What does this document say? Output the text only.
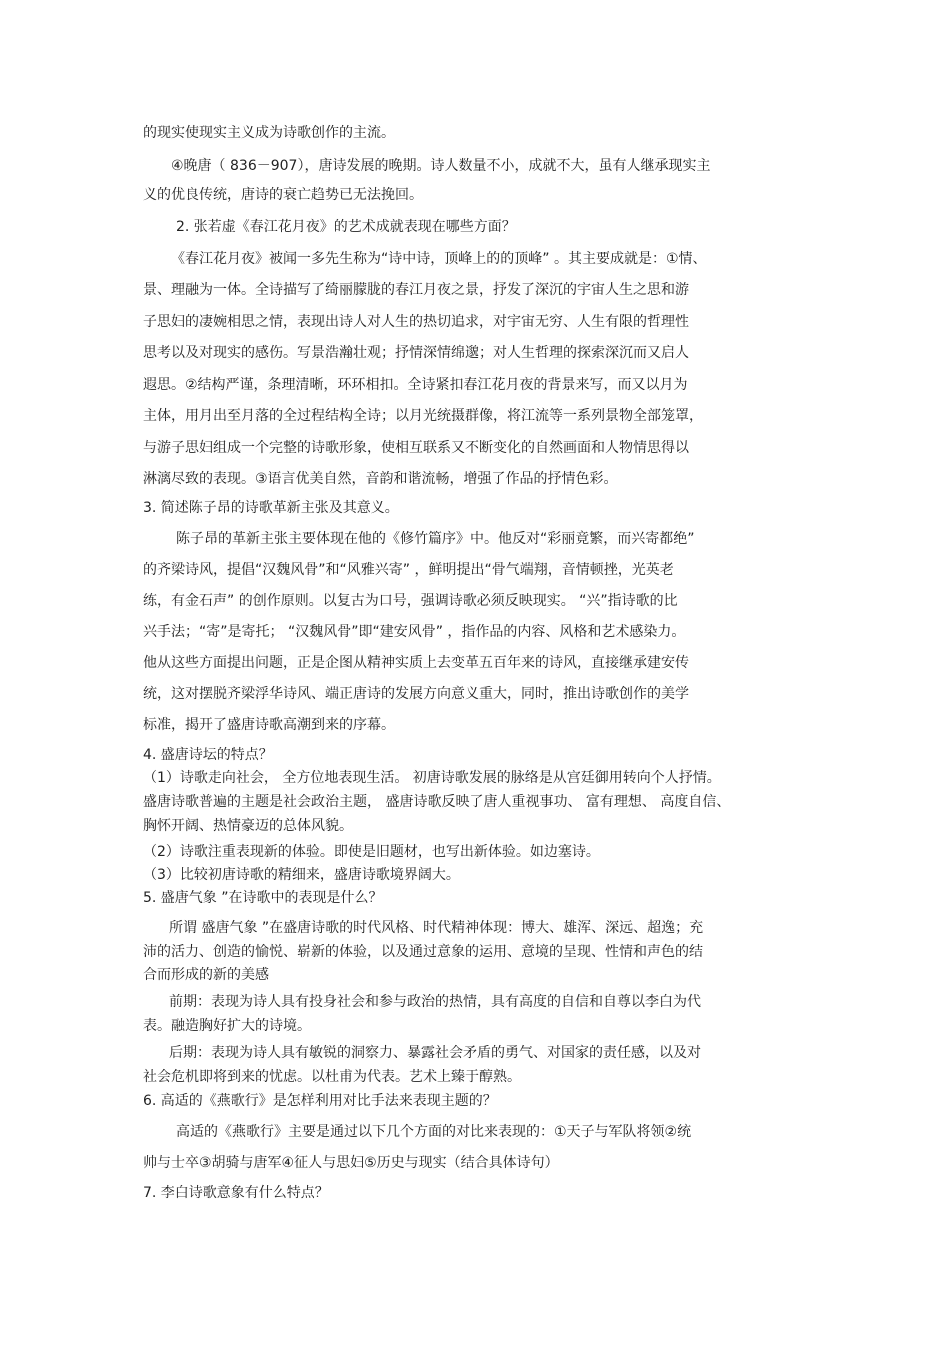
的现实使现实主义成为诗歌创作的主流。
④晚唐（ 836－907），唐诗发展的晚期。诗人数量不小，成就不大，虽有人继承现实主
义的优良传统，唐诗的衰亡趋势已无法挽回。
2. 张若虚《春江花月夜》的艺术成就表现在哪些方面？
《春江花月夜》被闻一多先生称为“诗中诗，顶峰上的的顶峰” 。其主要成就是：①情、
景、理融为一体。全诗描写了绮丽朦胧的春江月夜之景，抒发了深沉的宇宙人生之思和游
子思妇的凄婉相思之情，表现出诗人对人生的热切追求，对宇宙无穷、人生有限的哲理性
思考以及对现实的感伤。写景浩瀚壮观；抒情深情绵邈；对人生哲理的探索深沉而又启人
遐思。②结构严谨，条理清晰，环环相扣。全诗紧扣春江花月夜的背景来写，而又以月为
主体，用月出至月落的全过程结构全诗；以月光统摄群像，将江流等一系列景物全部笼罩，
与游子思妇组成一个完整的诗歌形象，使相互联系又不断变化的自然画面和人物情思得以
淋漓尽致的表现。③语言优美自然，音韵和谐流畅，增强了作品的抒情色彩。
3. 简述陈子昂的诗歌革新主张及其意义。
陈子昂的革新主张主要体现在他的《修竹篇序》中。他反对“彩丽竟繁，而兴寄都绝”
的齐梁诗风，提倡“汉魏风骨”和“风雅兴寄” ，鲜明提出“骨气端翔，音情顿挫，光英老
练，有金石声” 的创作原则。以复古为口号，强调诗歌必须反映现实。 “兴”指诗歌的比
兴手法；“寄”是寄托； “汉魏风骨”即“建安风骨” ，指作品的内容、风格和艺术感染力。
他从这些方面提出问题，正是企图从精神实质上去变革五百年来的诗风，直接继承建安传
统，这对摆脱齐梁浮华诗风、端正唐诗的发展方向意义重大，同时，推出诗歌创作的美学
标准，揭开了盛唐诗歌高潮到来的序幕。
4. 盛唐诗坛的特点？
（1）诗歌走向社会， 全方位地表现生活。 初唐诗歌发展的脉络是从宫廷御用转向个人抒情。
盛唐诗歌普遍的主题是社会政治主题， 盛唐诗歌反映了唐人重视事功、 富有理想、 高度自信、
胸怀开阔、热情豪迈的总体风貌。
（2）诗歌注重表现新的体验。即使是旧题材，也写出新体验。如边塞诗。
（3）比较初唐诗歌的精细来，盛唐诗歌境界阔大。
5. 盛唐气象 ”在诗歌中的表现是什么？
所谓 盛唐气象 ”在盛唐诗歌的时代风格、时代精神体现：博大、雄浑、深远、超逸；充
沛的活力、创造的愉悦、崭新的体验，以及通过意象的运用、意境的呈现、性情和声色的结
合而形成的新的美感
前期：表现为诗人具有投身社会和参与政治的热情，具有高度的自信和自尊以李白为代
表。融造胸好扩大的诗境。
后期：表现为诗人具有敏锐的洞察力、暴露社会矛盾的勇气、对国家的责任感，以及对
社会危机即将到来的忧虑。以杜甫为代表。艺术上臻于醇熟。
6. 高适的《燕歌行》是怎样利用对比手法来表现主题的？
高适的《燕歌行》主要是通过以下几个方面的对比来表现的：①天子与军队将领②统
帅与士卒③胡骑与唐军④征人与思妇⑤历史与现实（结合具体诗句）
7. 李白诗歌意象有什么特点？
